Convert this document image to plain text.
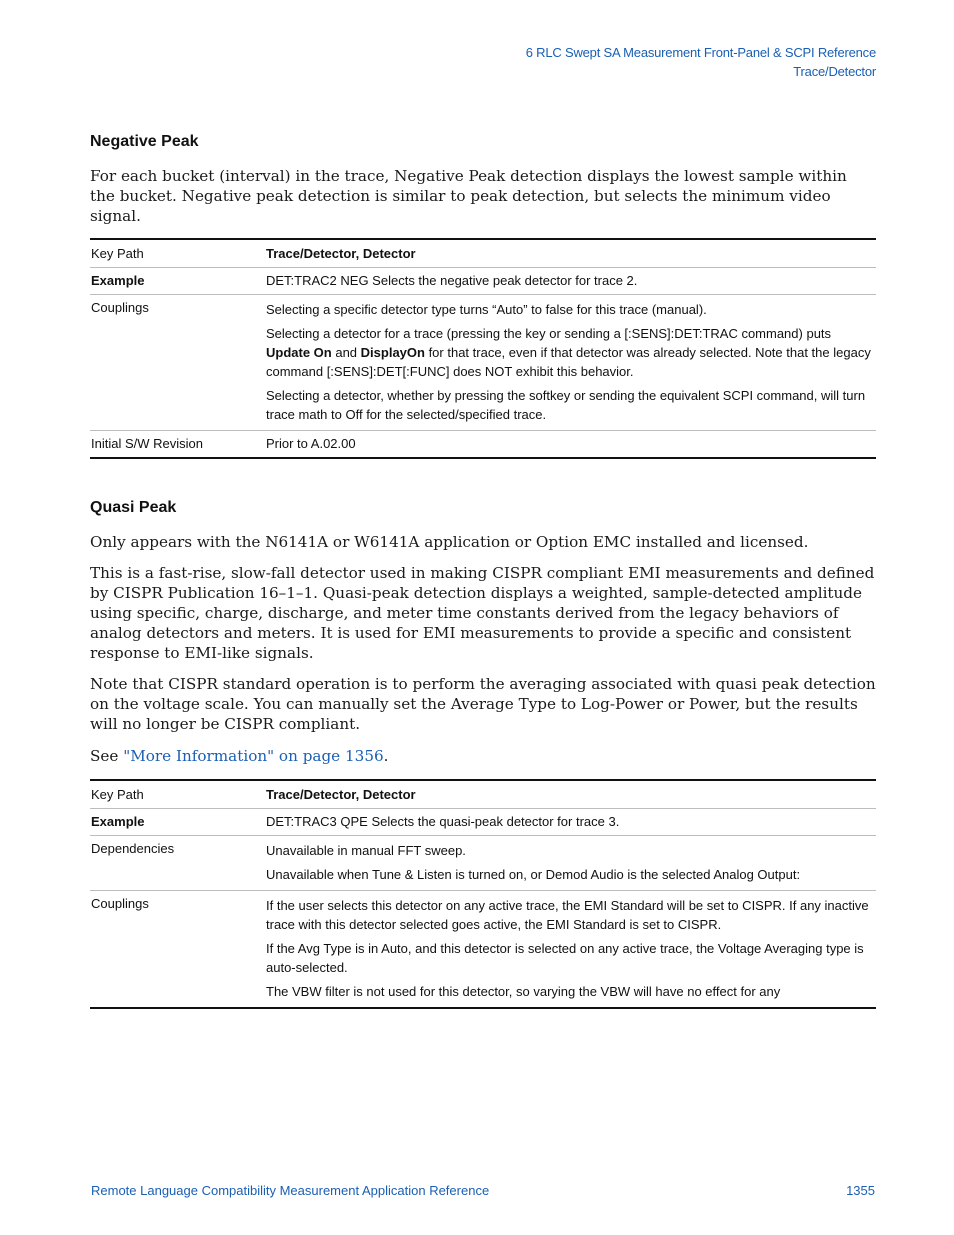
6 RLC Swept SA Measurement Front-Panel & SCPI Reference
Trace/Detector
Negative Peak

For each bucket (interval) in the trace, Negative Peak detection displays the lowest sample within the bucket. Negative peak detection is similar to peak detection, but selects the minimum video signal.

Key Path	Trace/Detector, Detector
Example	DET:TRAC2 NEG Selects the negative peak detector for trace 2.
Couplings	Selecting a specific detector type turns “Auto” to false for this trace (manual).

Selecting a detector for a trace (pressing the key or sending a [:SENS]:DET:TRAC command) puts Update On and DisplayOn for that trace, even if that detector was already selected. Note that the legacy command [:SENS]:DET[:FUNC] does NOT exhibit this behavior.

Selecting a detector, whether by pressing the softkey or sending the equivalent SCPI command, will turn trace math to Off for the selected/specified trace.

Initial S/W Revision	Prior to A.02.00
Quasi Peak

Only appears with the N6141A or W6141A application or Option EMC installed and licensed.

This is a fast-rise, slow-fall detector used in making CISPR compliant EMI measurements and defined by CISPR Publication 16–1–1. Quasi-peak detection displays a weighted, sample-detected amplitude using specific, charge, discharge, and meter time constants derived from the legacy behaviors of analog detectors and meters. It is used for EMI measurements to provide a specific and consistent response to EMI-like signals.

Note that CISPR standard operation is to perform the averaging associated with quasi peak detection on the voltage scale. You can manually set the Average Type to Log-Power or Power, but the results will no longer be CISPR compliant.

See "More Information" on page 1356.

Key Path	Trace/Detector, Detector
Example	DET:TRAC3 QPE Selects the quasi-peak detector for trace 3.
Dependencies	Unavailable in manual FFT sweep.

Unavailable when Tune & Listen is turned on, or Demod Audio is the selected Analog Output:

Couplings	If the user selects this detector on any active trace, the EMI Standard will be set to CISPR. If any inactive trace with this detector selected goes active, the EMI Standard is set to CISPR.

If the Avg Type is in Auto, and this detector is selected on any active trace, the Voltage Averaging type is auto-selected.

The VBW filter is not used for this detector, so varying the VBW will have no effect for any

Remote Language Compatibility Measurement Application Reference	1355
